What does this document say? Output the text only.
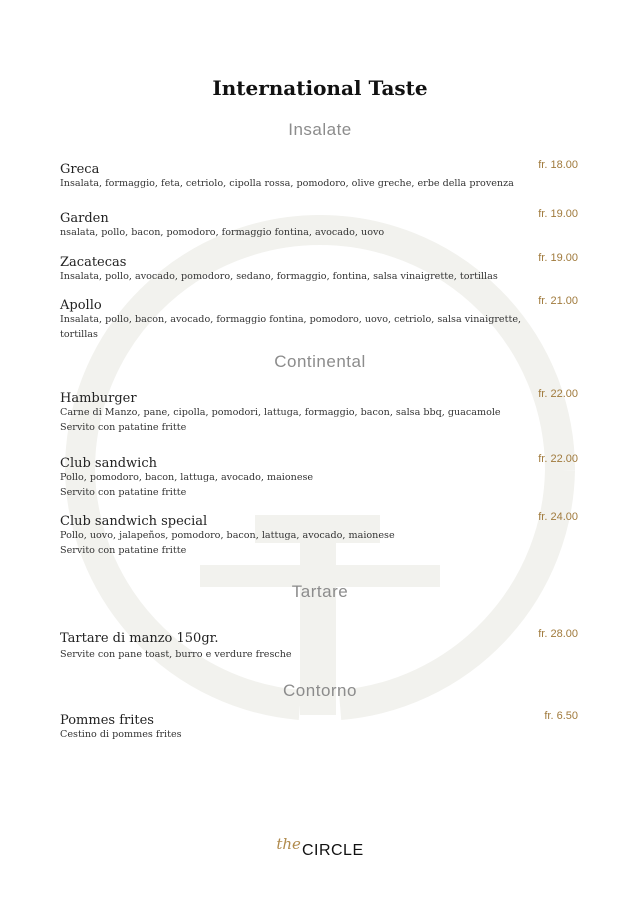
International Taste
Insalate
Greca	fr. 18.00
Insalata, formaggio, feta, cetriolo, cipolla rossa, pomodoro, olive greche, erbe della provenza
Garden	fr. 19.00
nsalata, pollo, bacon, pomodoro, formaggio fontina, avocado, uovo
Zacatecas	fr. 19.00
Insalata, pollo, avocado, pomodoro, sedano, formaggio, fontina, salsa vinaigrette, tortillas
Apollo	fr. 21.00
Insalata, pollo, bacon, avocado, formaggio fontina, pomodoro, uovo, cetriolo, salsa vinaigrette,
tortillas
Continental
Hamburger	fr. 22.00
Carne di Manzo, pane, cipolla, pomodori, lattuga, formaggio, bacon, salsa bbq, guacamole
Servito con patatine fritte
Club sandwich	fr. 22.00
Pollo, pomodoro, bacon, lattuga, avocado, maionese
Servito con patatine fritte
Club sandwich special	fr. 24.00
Pollo, uovo, jalapeños, pomodoro, bacon, lattuga, avocado, maionese
Servito con patatine fritte
Tartare
Tartare di manzo 150gr.	fr. 28.00
Servite con pane toast, burro e verdure fresche
Contorno
Pommes frites	fr. 6.50
Cestino di pommes frites
theCIRCLE
